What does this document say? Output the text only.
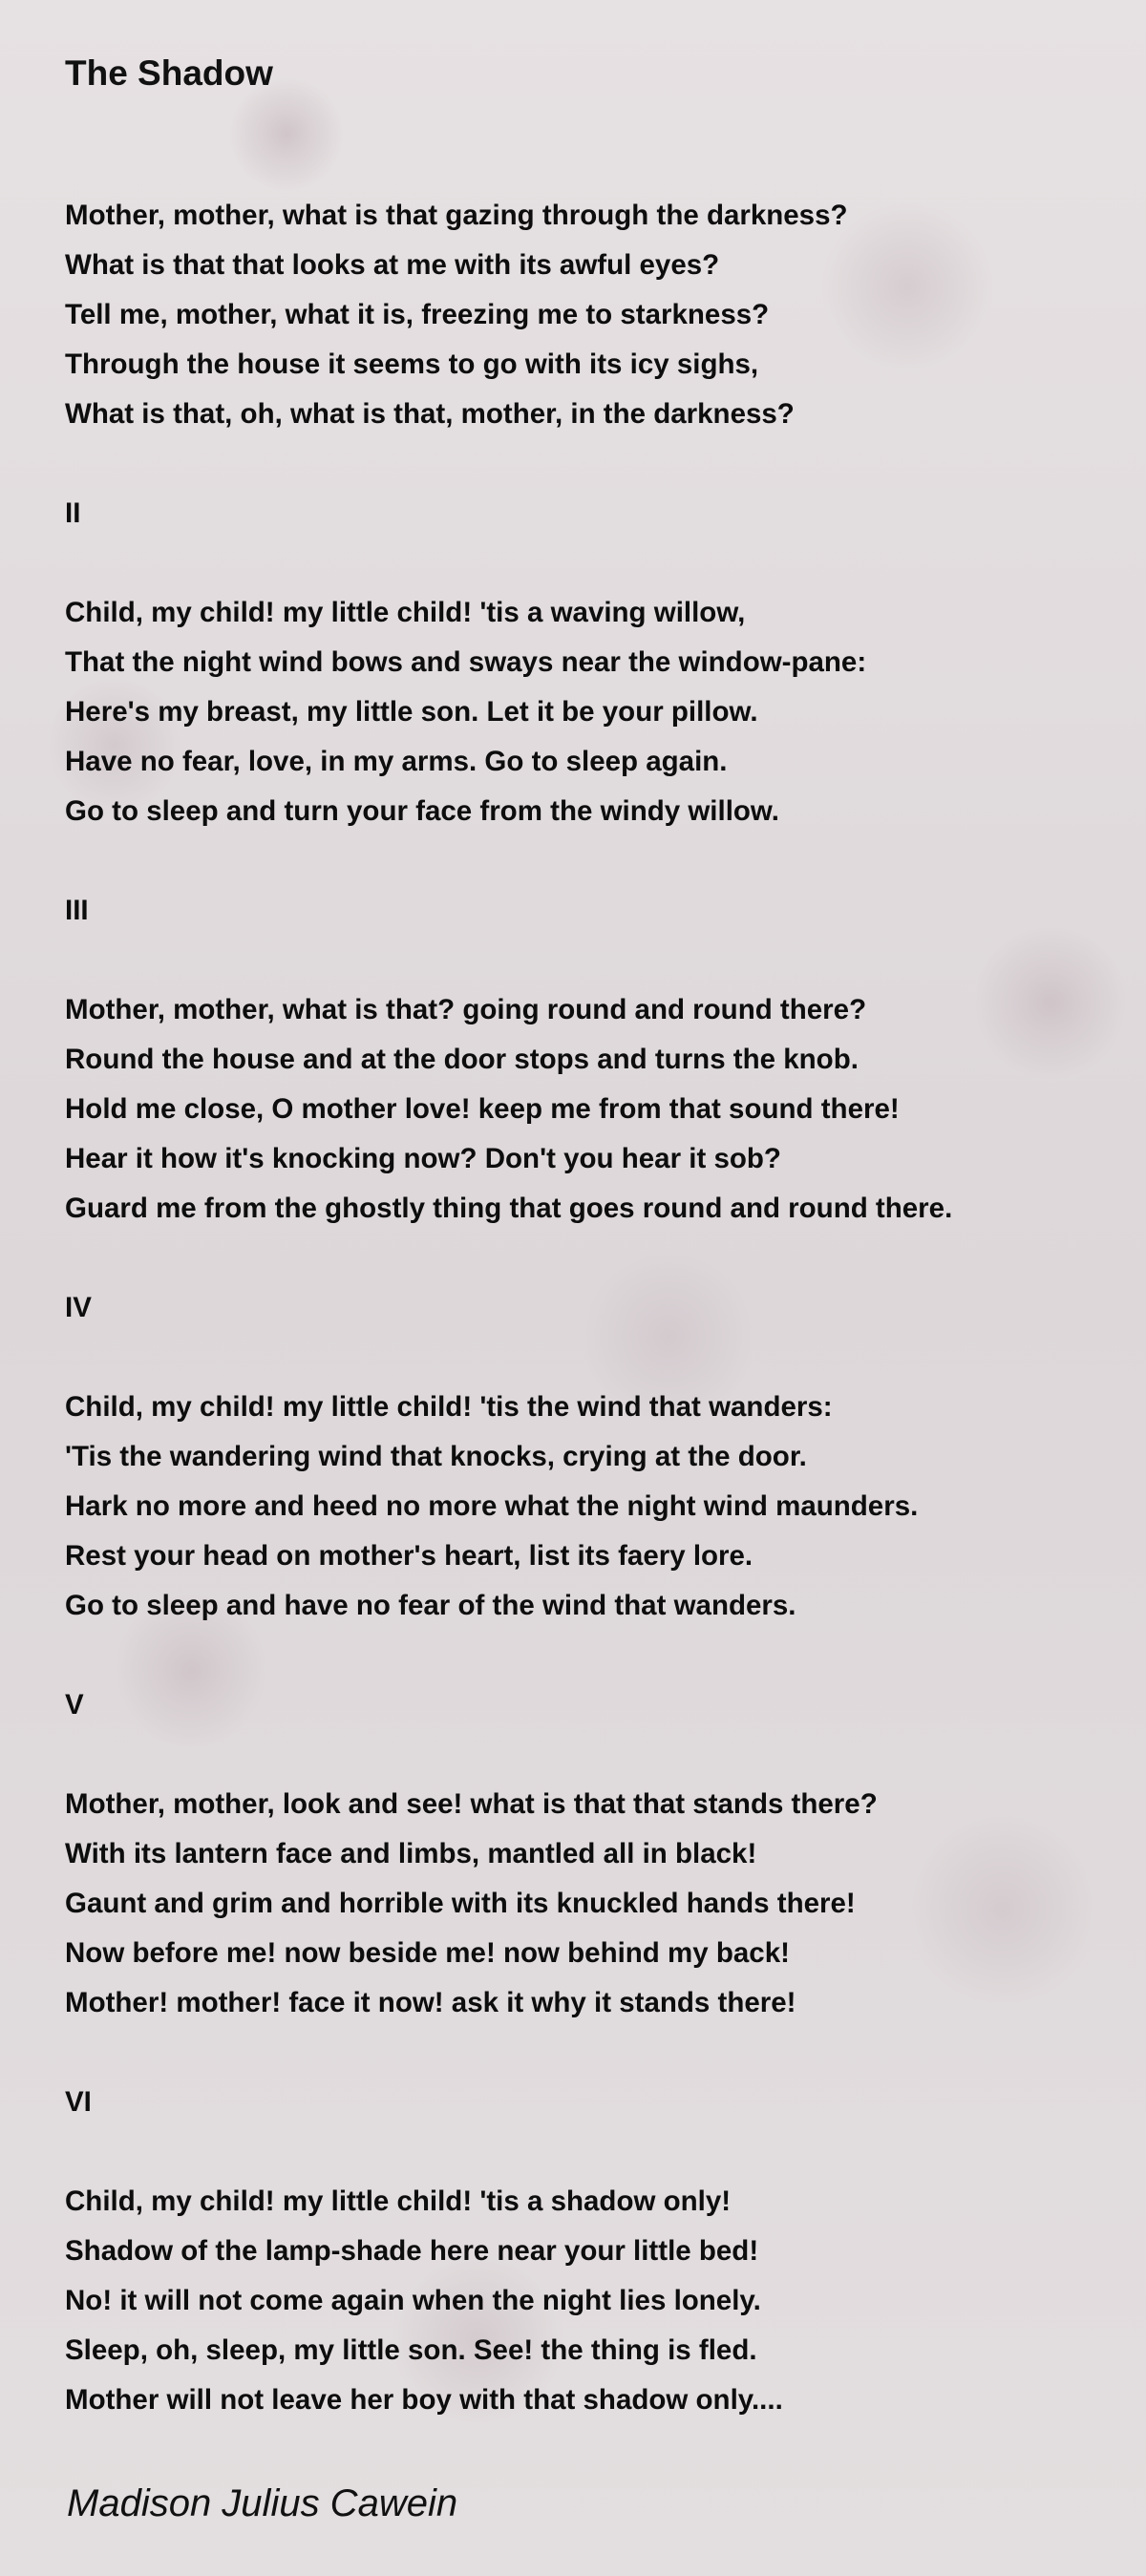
The Shadow
Mother, mother, what is that gazing through the darkness?
What is that that looks at me with its awful eyes?
Tell me, mother, what it is, freezing me to starkness?
Through the house it seems to go with its icy sighs,
What is that, oh, what is that, mother, in the darkness?
II
Child, my child! my little child! 'tis a waving willow,
That the night wind bows and sways near the window-pane:
Here's my breast, my little son. Let it be your pillow.
Have no fear, love, in my arms. Go to sleep again.
Go to sleep and turn your face from the windy willow.
III
Mother, mother, what is that? going round and round there?
Round the house and at the door stops and turns the knob.
Hold me close, O mother love! keep me from that sound there!
Hear it how it's knocking now? Don't you hear it sob?
Guard me from the ghostly thing that goes round and round there.
IV
Child, my child! my little child! 'tis the wind that wanders:
'Tis the wandering wind that knocks, crying at the door.
Hark no more and heed no more what the night wind maunders.
Rest your head on mother's heart, list its faery lore.
Go to sleep and have no fear of the wind that wanders.
V
Mother, mother, look and see! what is that that stands there?
With its lantern face and limbs, mantled all in black!
Gaunt and grim and horrible with its knuckled hands there!
Now before me! now beside me! now behind my back!
Mother! mother! face it now! ask it why it stands there!
VI
Child, my child! my little child! 'tis a shadow only!
Shadow of the lamp-shade here near your little bed!
No! it will not come again when the night lies lonely.
Sleep, oh, sleep, my little son. See! the thing is fled.
Mother will not leave her boy with that shadow only....
Madison Julius Cawein
